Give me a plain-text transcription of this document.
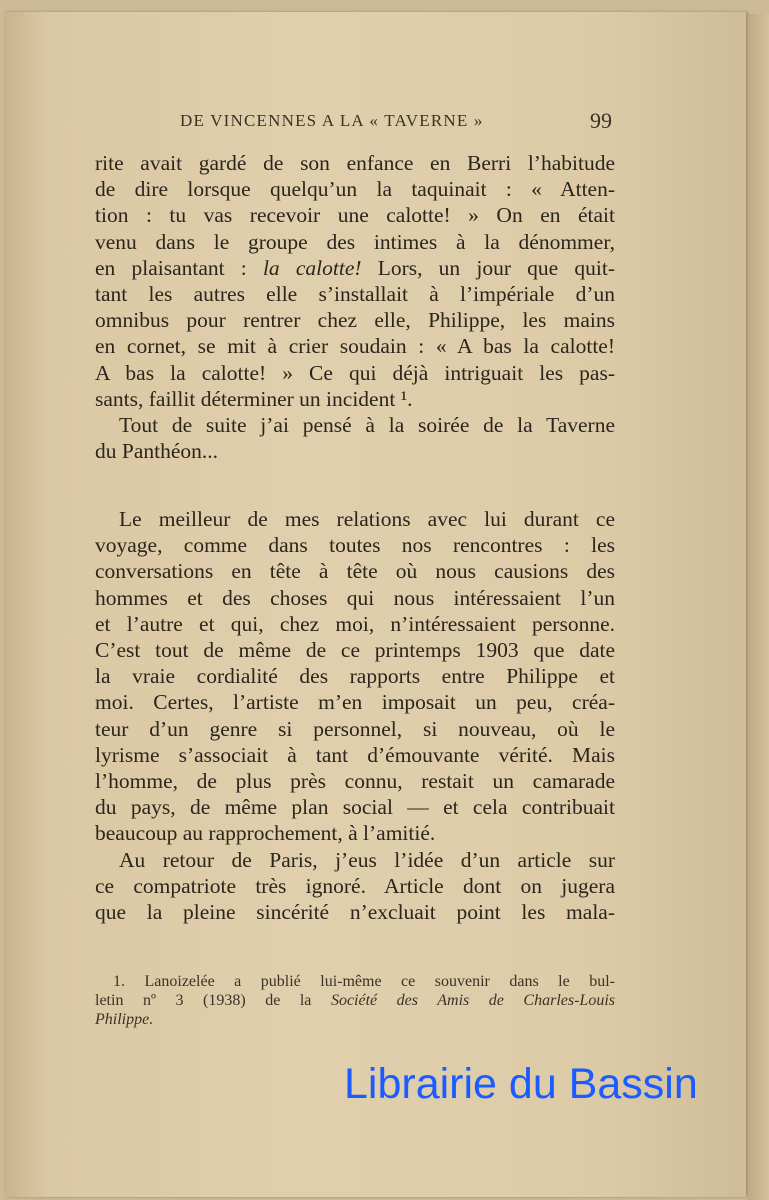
DE VINCENNES A LA « TAVERNE »	99
rite avait gardé de son enfance en Berri l’habitude
de dire lorsque quelqu’un la taquinait : « Atten-
tion : tu vas recevoir une calotte! » On en était
venu dans le groupe des intimes à la dénommer,
en plaisantant : la calotte! Lors, un jour que quit-
tant les autres elle s’installait à l’impériale d’un
omnibus pour rentrer chez elle, Philippe, les mains
en cornet, se mit à crier soudain : « A bas la calotte!
A bas la calotte! » Ce qui déjà intriguait les pas-
sants, faillit déterminer un incident ¹.
Tout de suite j’ai pensé à la soirée de la Taverne
du Panthéon...
Le meilleur de mes relations avec lui durant ce
voyage, comme dans toutes nos rencontres : les
conversations en tête à tête où nous causions des
hommes et des choses qui nous intéressaient l’un
et l’autre et qui, chez moi, n’intéressaient personne.
C’est tout de même de ce printemps 1903 que date
la vraie cordialité des rapports entre Philippe et
moi. Certes, l’artiste m’en imposait un peu, créa-
teur d’un genre si personnel, si nouveau, où le
lyrisme s’associait à tant d’émouvante vérité. Mais
l’homme, de plus près connu, restait un camarade
du pays, de même plan social — et cela contribuait
beaucoup au rapprochement, à l’amitié.
Au retour de Paris, j’eus l’idée d’un article sur
ce compatriote très ignoré. Article dont on jugera
que la pleine sincérité n’excluait point les mala-
1. Lanoizelée a publié lui-même ce souvenir dans le bul-
letin nº 3 (1938) de la Société des Amis de Charles-Louis
Philippe.
Librairie du Bassin
